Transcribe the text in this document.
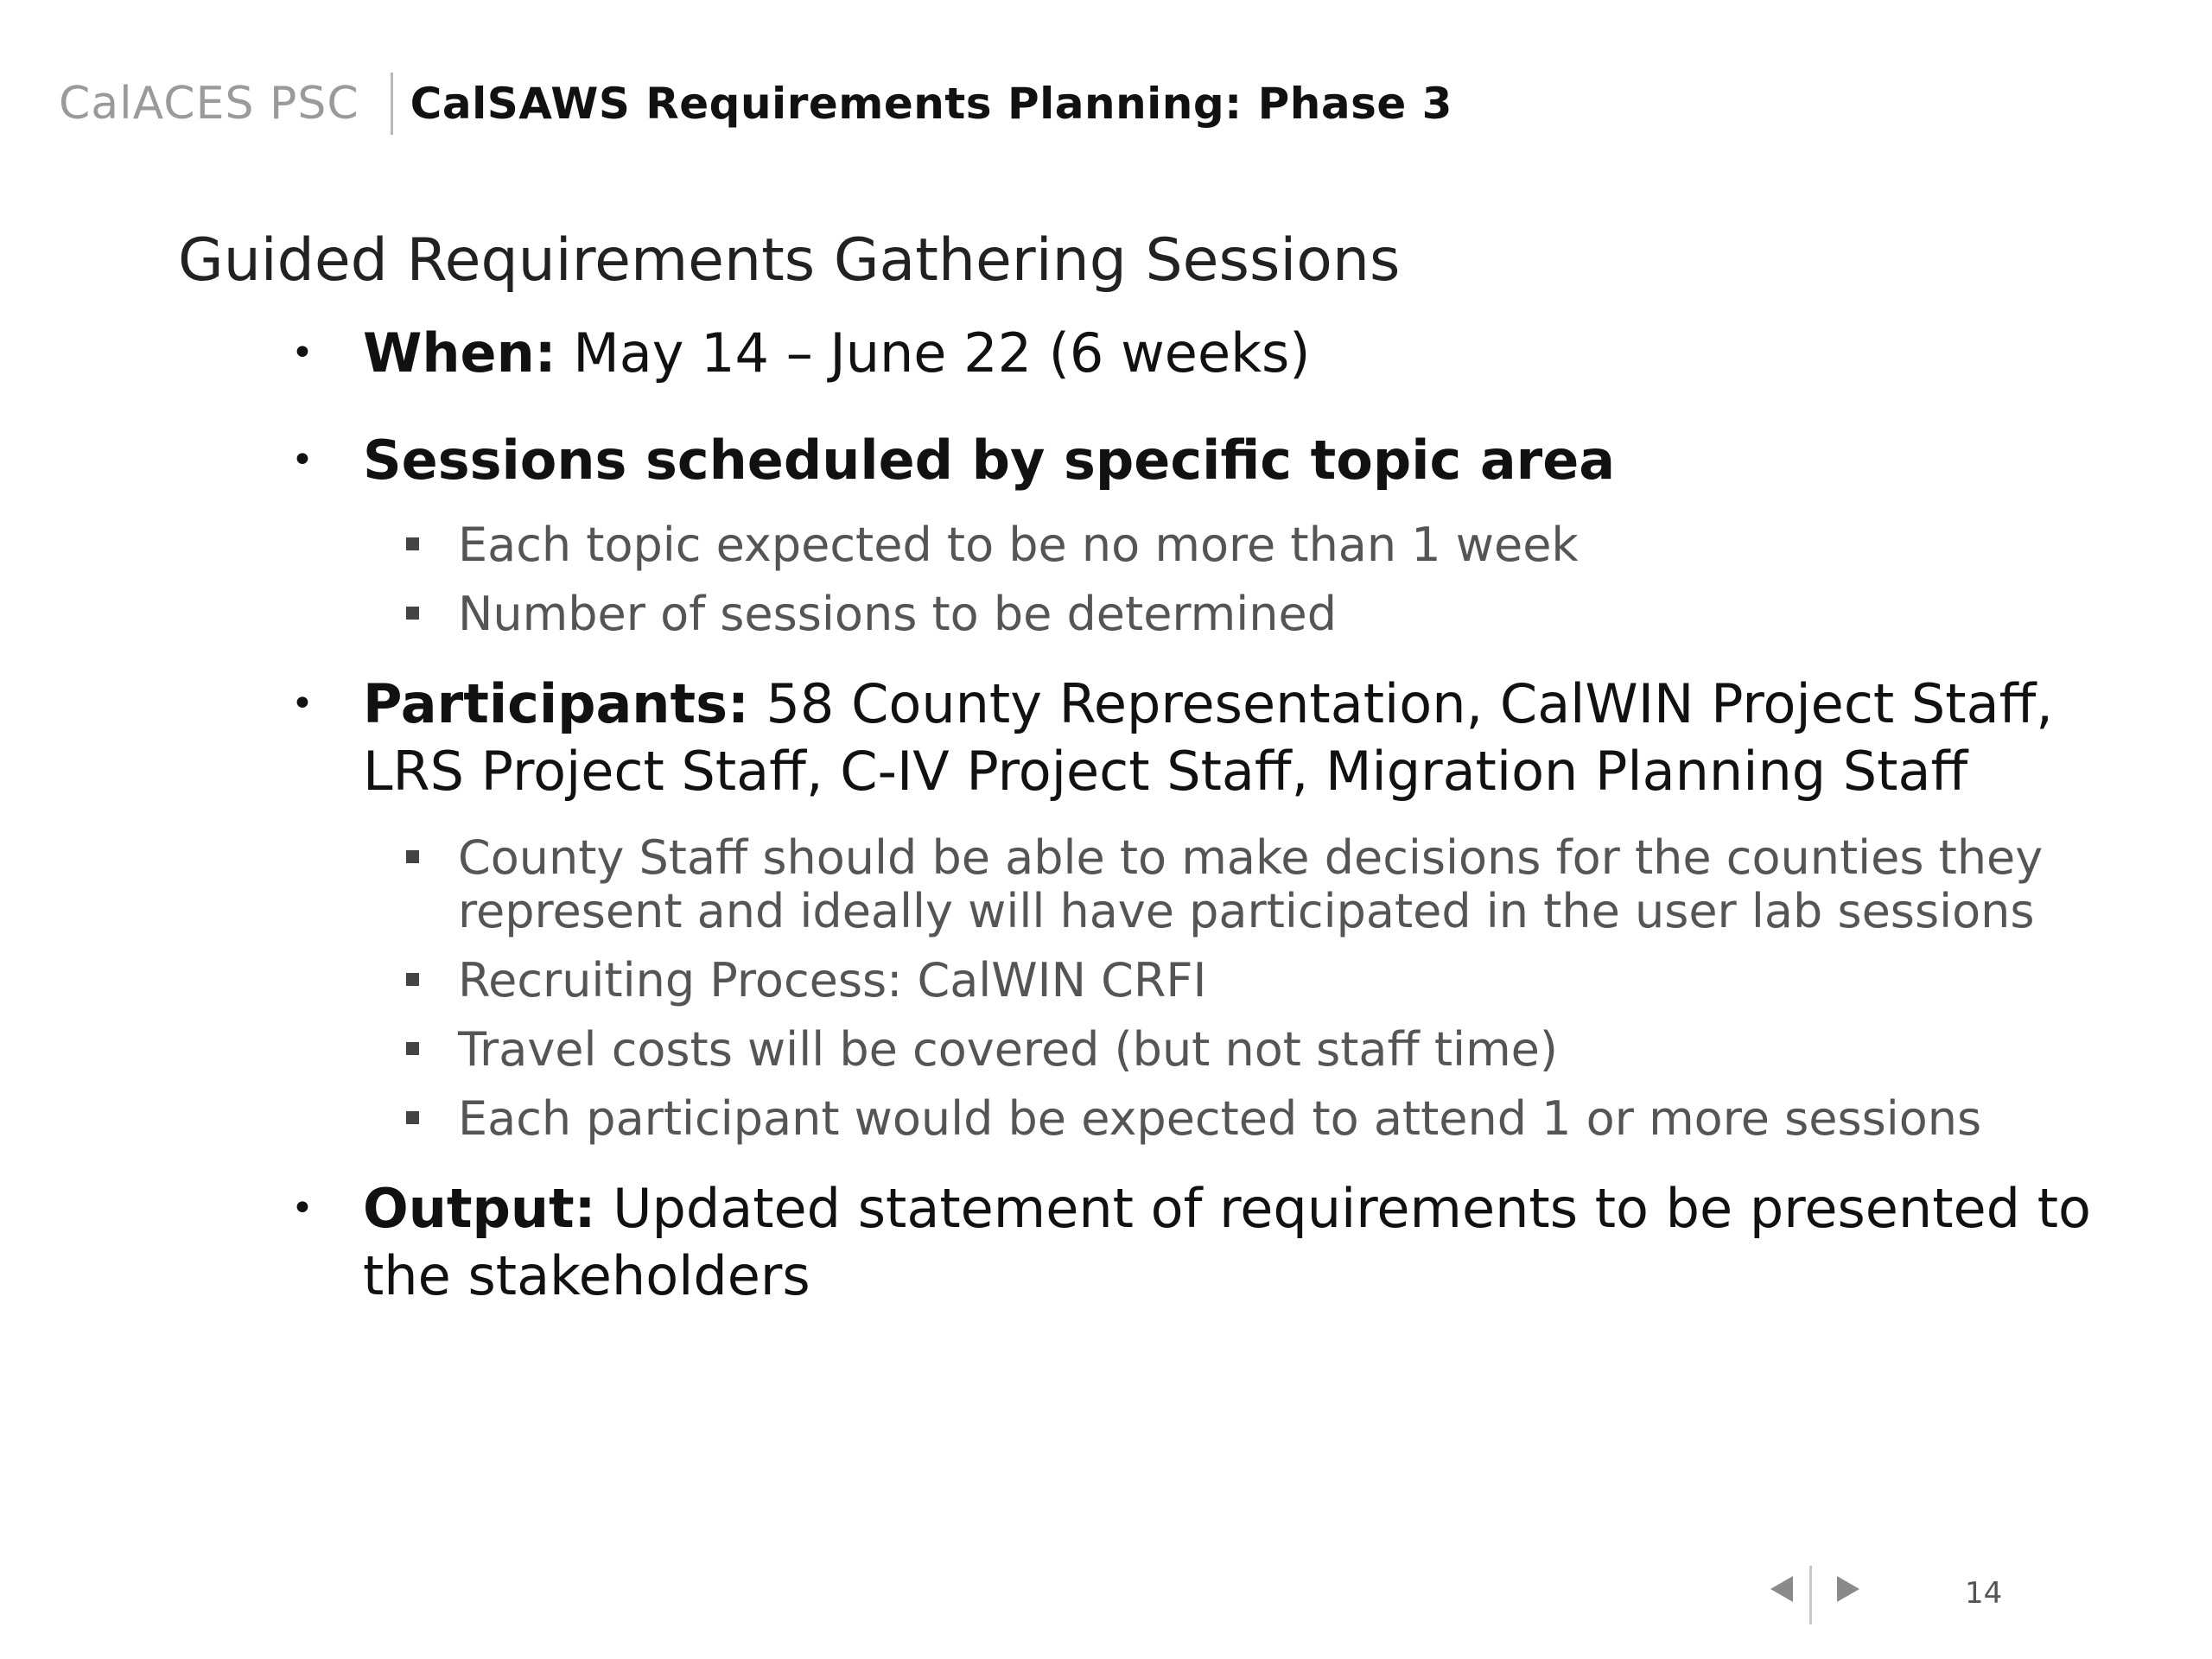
CalACES PSC CalSAWS Requirements Planning: Phase 3
Guided Requirements Gathering Sessions
• When: May 14 – June 22 (6 weeks)
• Sessions scheduled by specific topic area
Each topic expected to be no more than 1 week
Number of sessions to be determined
• Participants: 58 County Representation, CalWIN Project Staff, LRS Project Staff, C-IV Project Staff, Migration Planning Staff
County Staff should be able to make decisions for the counties they represent and ideally will have participated in the user lab sessions
Recruiting Process: CalWIN CRFI
Travel costs will be covered (but not staff time)
Each participant would be expected to attend 1 or more sessions
• Output: Updated statement of requirements to be presented to the stakeholders
14
